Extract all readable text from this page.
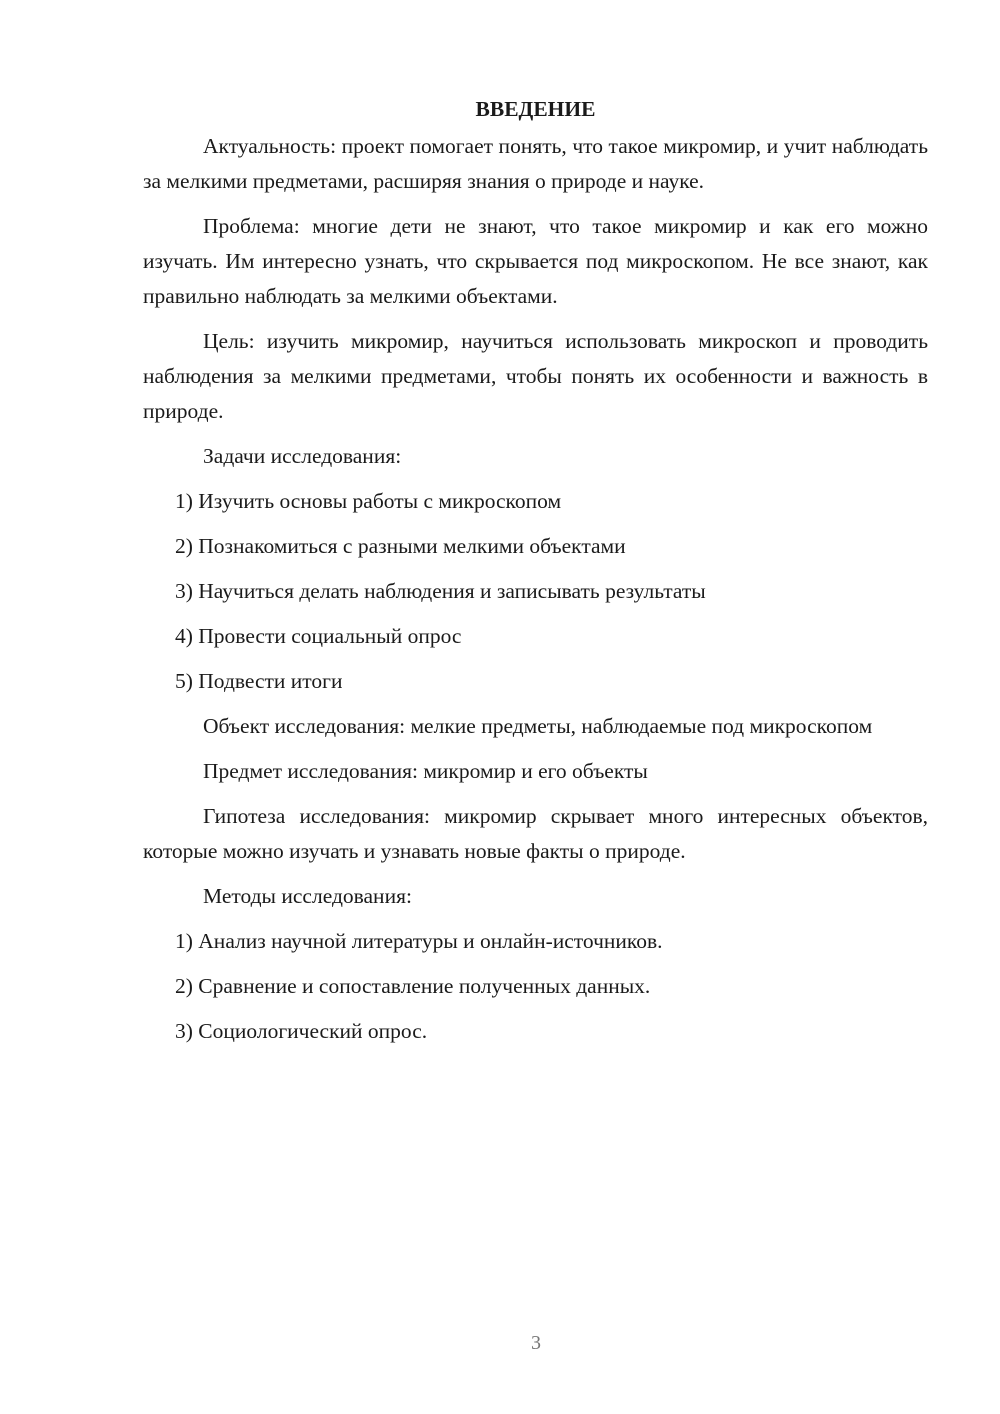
ВВЕДЕНИЕ

Актуальность: проект помогает понять, что такое микромир, и учит наблюдать за мелкими предметами, расширяя знания о природе и науке.

Проблема: многие дети не знают, что такое микромир и как его можно изучать. Им интересно узнать, что скрывается под микроскопом. Не все знают, как правильно наблюдать за мелкими объектами.

Цель: изучить микромир, научиться использовать микроскоп и проводить наблюдения за мелкими предметами, чтобы понять их особенности и важность в природе.

Задачи исследования:

1) Изучить основы работы с микроскопом
2) Познакомиться с разными мелкими объектами
3) Научиться делать наблюдения и записывать результаты
4) Провести социальный опрос
5) Подвести итоги

Объект исследования: мелкие предметы, наблюдаемые под микроскопом

Предмет исследования: микромир и его объекты

Гипотеза исследования: микромир скрывает много интересных объектов, которые можно изучать и узнавать новые факты о природе.

Методы исследования:

1) Анализ научной литературы и онлайн-источников.
2) Сравнение и сопоставление полученных данных.
3) Социологический опрос.
3
